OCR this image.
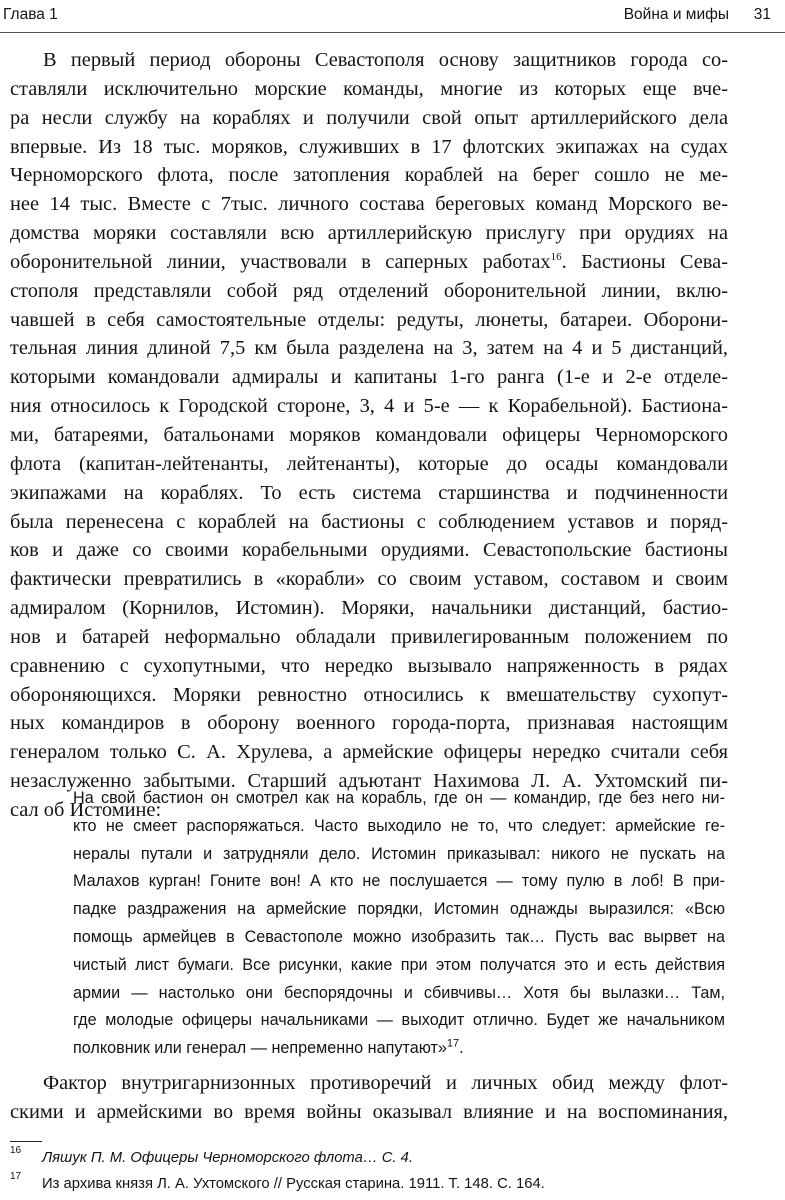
Глава 1	Война и мифы 31

В первый период обороны Севастополя основу защитников города со-
ставляли исключительно морские команды, многие из которых еще вче-
ра несли службу на кораблях и получили свой опыт артиллерийского дела
впервые. Из 18 тыс. моряков, служивших в 17 флотских экипажах на судах
Черноморского флота, после затопления кораблей на берег сошло не ме-
нее 14 тыс. Вместе с 7тыс. личного состава береговых команд Морского ве-
домства моряки составляли всю артиллерийскую прислугу при орудиях на
оборонительной линии, участвовали в саперных работах$^{16}$. Бастионы Сева-
стополя представляли собой ряд отделений оборонительной линии, вклю-
чавшей в себя самостоятельные отделы: редуты, люнеты, батареи. Оборони-
тельная линия длиной 7,5 км была разделена на 3, затем на 4 и 5 дистанций,
которыми командовали адмиралы и капитаны 1-го ранга (1-е и 2-е отделе-
ния относилось к Городской стороне, 3, 4 и 5-е — к Корабельной). Бастиона-
ми, батареями, батальонами моряков командовали офицеры Черноморского
флота (капитан-лейтенанты, лейтенанты), которые до осады командовали
экипажами на кораблях. То есть система старшинства и подчиненности
была перенесена с кораблей на бастионы с соблюдением уставов и поряд-
ков и даже со своими корабельными орудиями. Севастопольские бастионы
фактически превратились в «корабли» со своим уставом, составом и своим
адмиралом (Корнилов, Истомин). Моряки, начальники дистанций, бастио-
нов и батарей неформально обладали привилегированным положением по
сравнению с сухопутными, что нередко вызывало напряженность в рядах
обороняющихся. Моряки ревностно относились к вмешательству сухопут-
ных командиров в оборону военного города-порта, признавая настоящим
генералом только С. А. Хрулева, а армейские офицеры нередко считали себя
незаслуженно забытыми. Старший адъютант Нахимова Л. А. Ухтомский пи-
сал об Истомине:

На свой бастион он смотрел как на корабль, где он — командир, где без него ни-
кто не смеет распоряжаться. Часто выходило не то, что следует: армейские ге-
нералы путали и затрудняли дело. Истомин приказывал: никого не пускать на
Малахов курган! Гоните вон! А кто не послушается — тому пулю в лоб! В при-
падке раздражения на армейские порядки, Истомин однажды выразился: «Всю
помощь армейцев в Севастополе можно изобразить так… Пусть вас вырвет на
чистый лист бумаги. Все рисунки, какие при этом получатся это и есть действия
армии — настолько они беспорядочны и сбивчивы… Хотя бы вылазки… Там,
где молодые офицеры начальниками — выходит отлично. Будет же начальником
полковник или генерал — непременно напутают»$^{17}$.
Фактор внутригарнизонных противоречий и личных обид между флот-
скими и армейскими во время войны оказывал влияние и на воспоминания,
16 Ляшук П. М. Офицеры Черноморского флота… С. 4.
17 Из архива князя Л. А. Ухтомского // Русская старина. 1911. Т. 148. С. 164.
